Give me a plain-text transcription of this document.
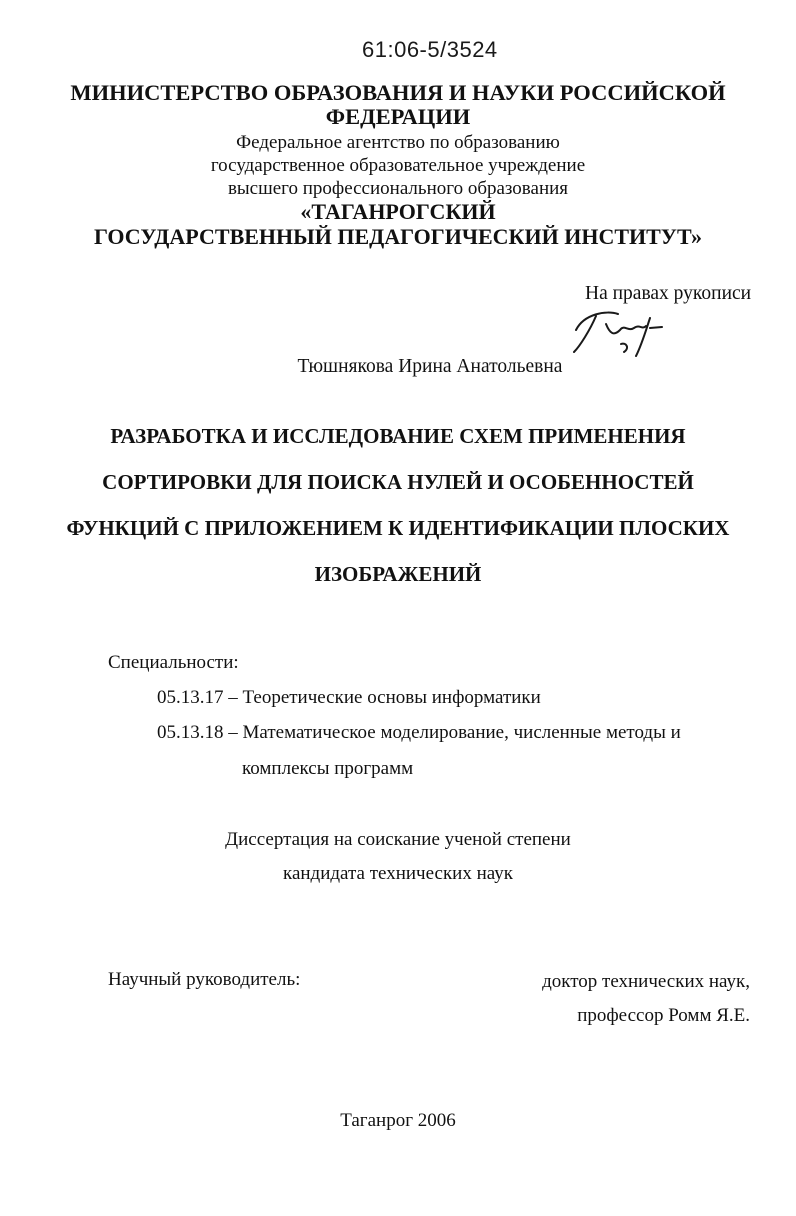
61:06-5/3524
МИНИСТЕРСТВО ОБРАЗОВАНИЯ И НАУКИ РОССИЙСКОЙ
ФЕДЕРАЦИИ
Федеральное агентство по образованию
государственное образовательное учреждение
высшего профессионального образования
«ТАГАНРОГСКИЙ
ГОСУДАРСТВЕННЫЙ ПЕДАГОГИЧЕСКИЙ ИНСТИТУТ»
На правах рукописи
Тюшнякова Ирина Анатольевна
РАЗРАБОТКА И ИССЛЕДОВАНИЕ СХЕМ ПРИМЕНЕНИЯ
СОРТИРОВКИ ДЛЯ ПОИСКА НУЛЕЙ И ОСОБЕННОСТЕЙ
ФУНКЦИЙ С ПРИЛОЖЕНИЕМ К ИДЕНТИФИКАЦИИ ПЛОСКИХ
ИЗОБРАЖЕНИЙ
Специальности:
05.13.17 – Теоретические основы информатики
05.13.18 – Математическое моделирование, численные методы и
комплексы программ
Диссертация на соискание ученой степени
кандидата технических наук
Научный руководитель:	доктор технических наук,
профессор Ромм Я.Е.
Таганрог 2006
